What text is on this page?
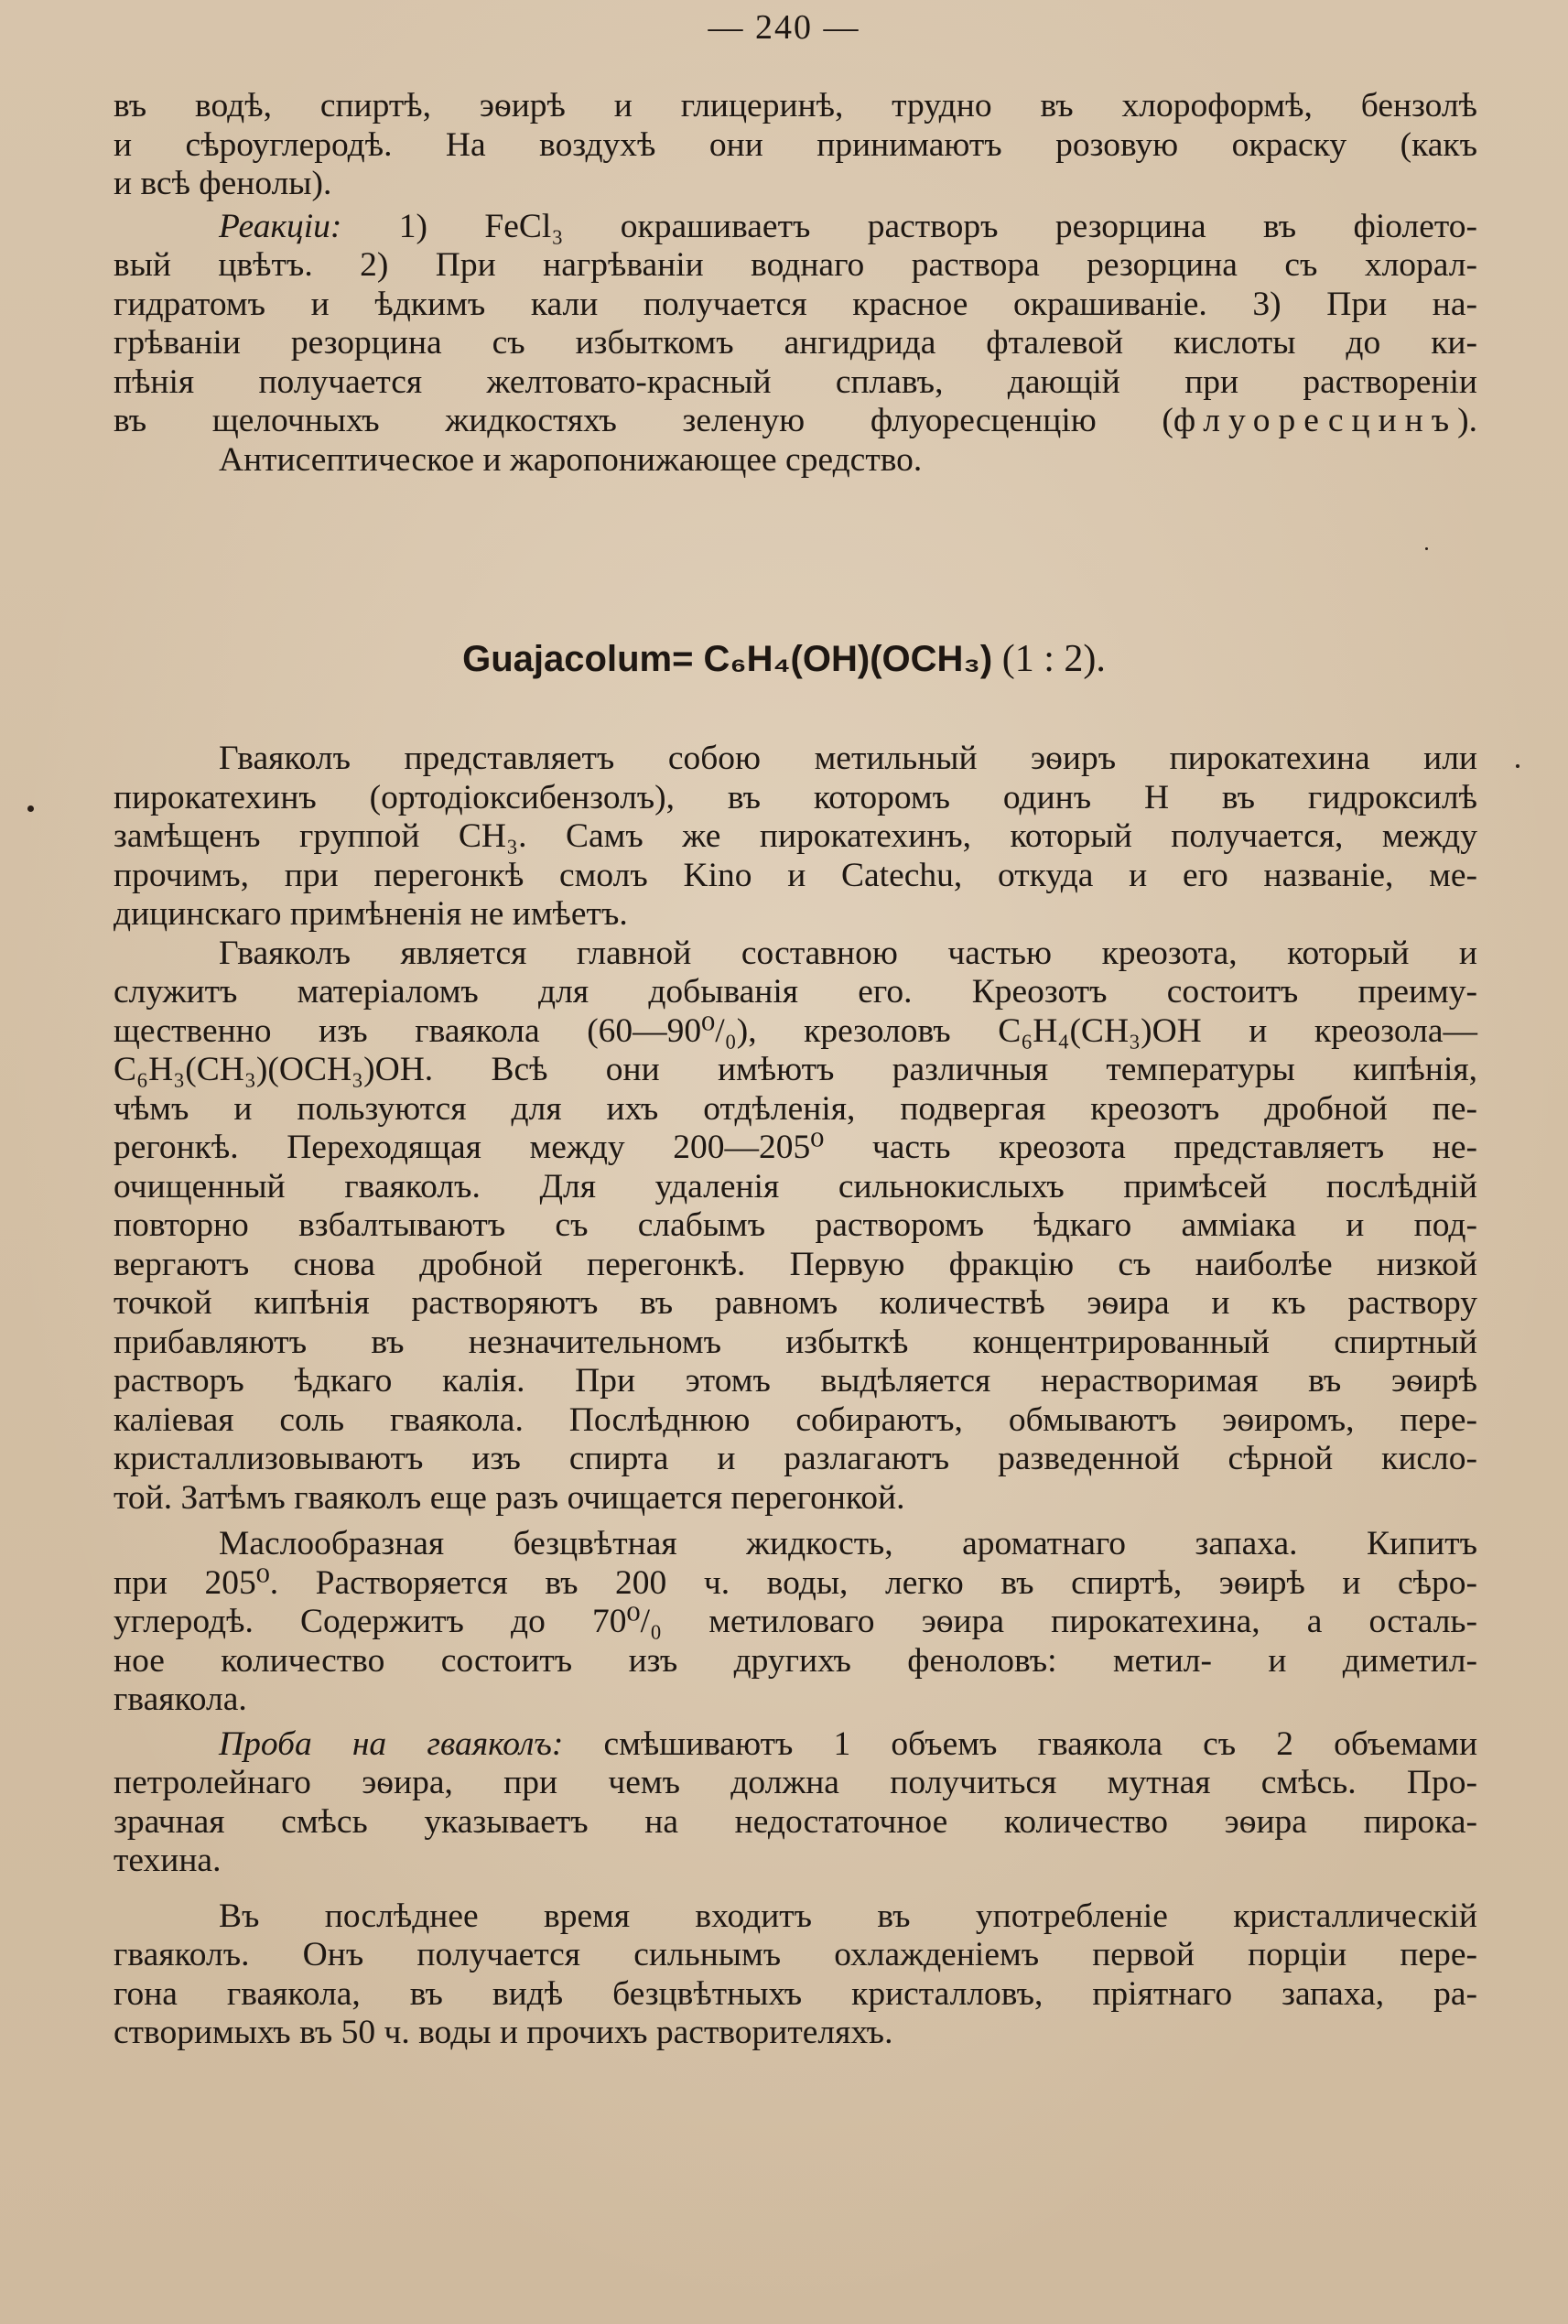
— 240 —
въ водѣ, спиртѣ, эѳирѣ и глицеринѣ, трудно въ хлороформѣ, бензолѣ
и сѣроуглеродѣ. На воздухѣ они принимаютъ розовую окраску (какъ
и всѣ фенолы).
Реакціи: 1) FeCl₃ окрашиваетъ растворъ резорцина въ фіолето-
вый цвѣтъ. 2) При нагрѣваніи воднаго раствора резорцина съ хлорал-
гидратомъ и ѣдкимъ кали получается красное окрашиваніе. 3) При на-
грѣваніи резорцина съ избыткомъ ангидрида фталевой кислоты до ки-
пѣнія получается желтовато-красный сплавъ, дающій при раствореніи
въ щелочныхъ жидкостяхъ зеленую флуоресценцію (флуоресцинъ).
Антисептическое и жаропонижающее средство.
Guajacolum= C₆H₄(OH)(OCH₃) (1 : 2).
Гваяколъ представляетъ собою метильный эѳиръ пирокатехина или
пирокатехинъ (ортодіоксибензолъ), въ которомъ одинъ H въ гидроксилѣ
замѣщенъ группой CH₃. Самъ же пирокатехинъ, который получается, между
прочимъ, при перегонкѣ смолъ Kino и Catechu, откуда и его названіе, ме-
дицинскаго примѣненія не имѣетъ.
Гваяколъ является главной составною частью креозота, который и
служитъ матеріаломъ для добыванія его. Креозотъ состоитъ преиму-
щественно изъ гваякола (60—90⁰/₀), крезоловъ C₆H₄(CH₃)OH и креозола—
C₆H₃(CH₃)(OCH₃)OH. Всѣ они имѣютъ различныя температуры кипѣнія,
чѣмъ и пользуются для ихъ отдѣленія, подвергая креозотъ дробной пе-
регонкѣ. Переходящая между 200—205⁰ часть креозота представляетъ не-
очищенный гваяколъ. Для удаленія сильнокислыхъ примѣсей послѣдній
повторно взбалтываютъ съ слабымъ растворомъ ѣдкаго амміака и под-
вергаютъ снова дробной перегонкѣ. Первую фракцію съ наиболѣе низкой
точкой кипѣнія растворяютъ въ равномъ количествѣ эѳира и къ раствору
прибавляютъ въ незначительномъ избыткѣ концентрированный спиртный
растворъ ѣдкаго калія. При этомъ выдѣляется нерастворимая въ эѳирѣ
каліевая соль гваякола. Послѣднюю собираютъ, обмываютъ эѳиромъ, пере-
кристаллизовываютъ изъ спирта и разлагаютъ разведенной сѣрной кисло-
той. Затѣмъ гваяколъ еще разъ очищается перегонкой.
Маслообразная безцвѣтная жидкость, ароматнаго запаха. Кипитъ
при 205⁰. Растворяется въ 200 ч. воды, легко въ спиртѣ, эѳирѣ и сѣро-
углеродѣ. Содержитъ до 70⁰/₀ метиловаго эѳира пирокатехина, а осталь-
ное количество состоитъ изъ другихъ феноловъ: метил- и диметил-
гваякола.
Проба на гваяколъ: смѣшиваютъ 1 объемъ гваякола съ 2 объемами
петролейнаго эѳира, при чемъ должна получиться мутная смѣсь. Про-
зрачная смѣсь указываетъ на недостаточное количество эѳира пирока-
техина.
Въ послѣднее время входитъ въ употребленіе кристаллическій
гваяколъ. Онъ получается сильнымъ охлажденіемъ первой порціи пере-
гона гваякола, въ видѣ безцвѣтныхъ кристалловъ, пріятнаго запаха, ра-
створимыхъ въ 50 ч. воды и прочихъ растворителяхъ.
